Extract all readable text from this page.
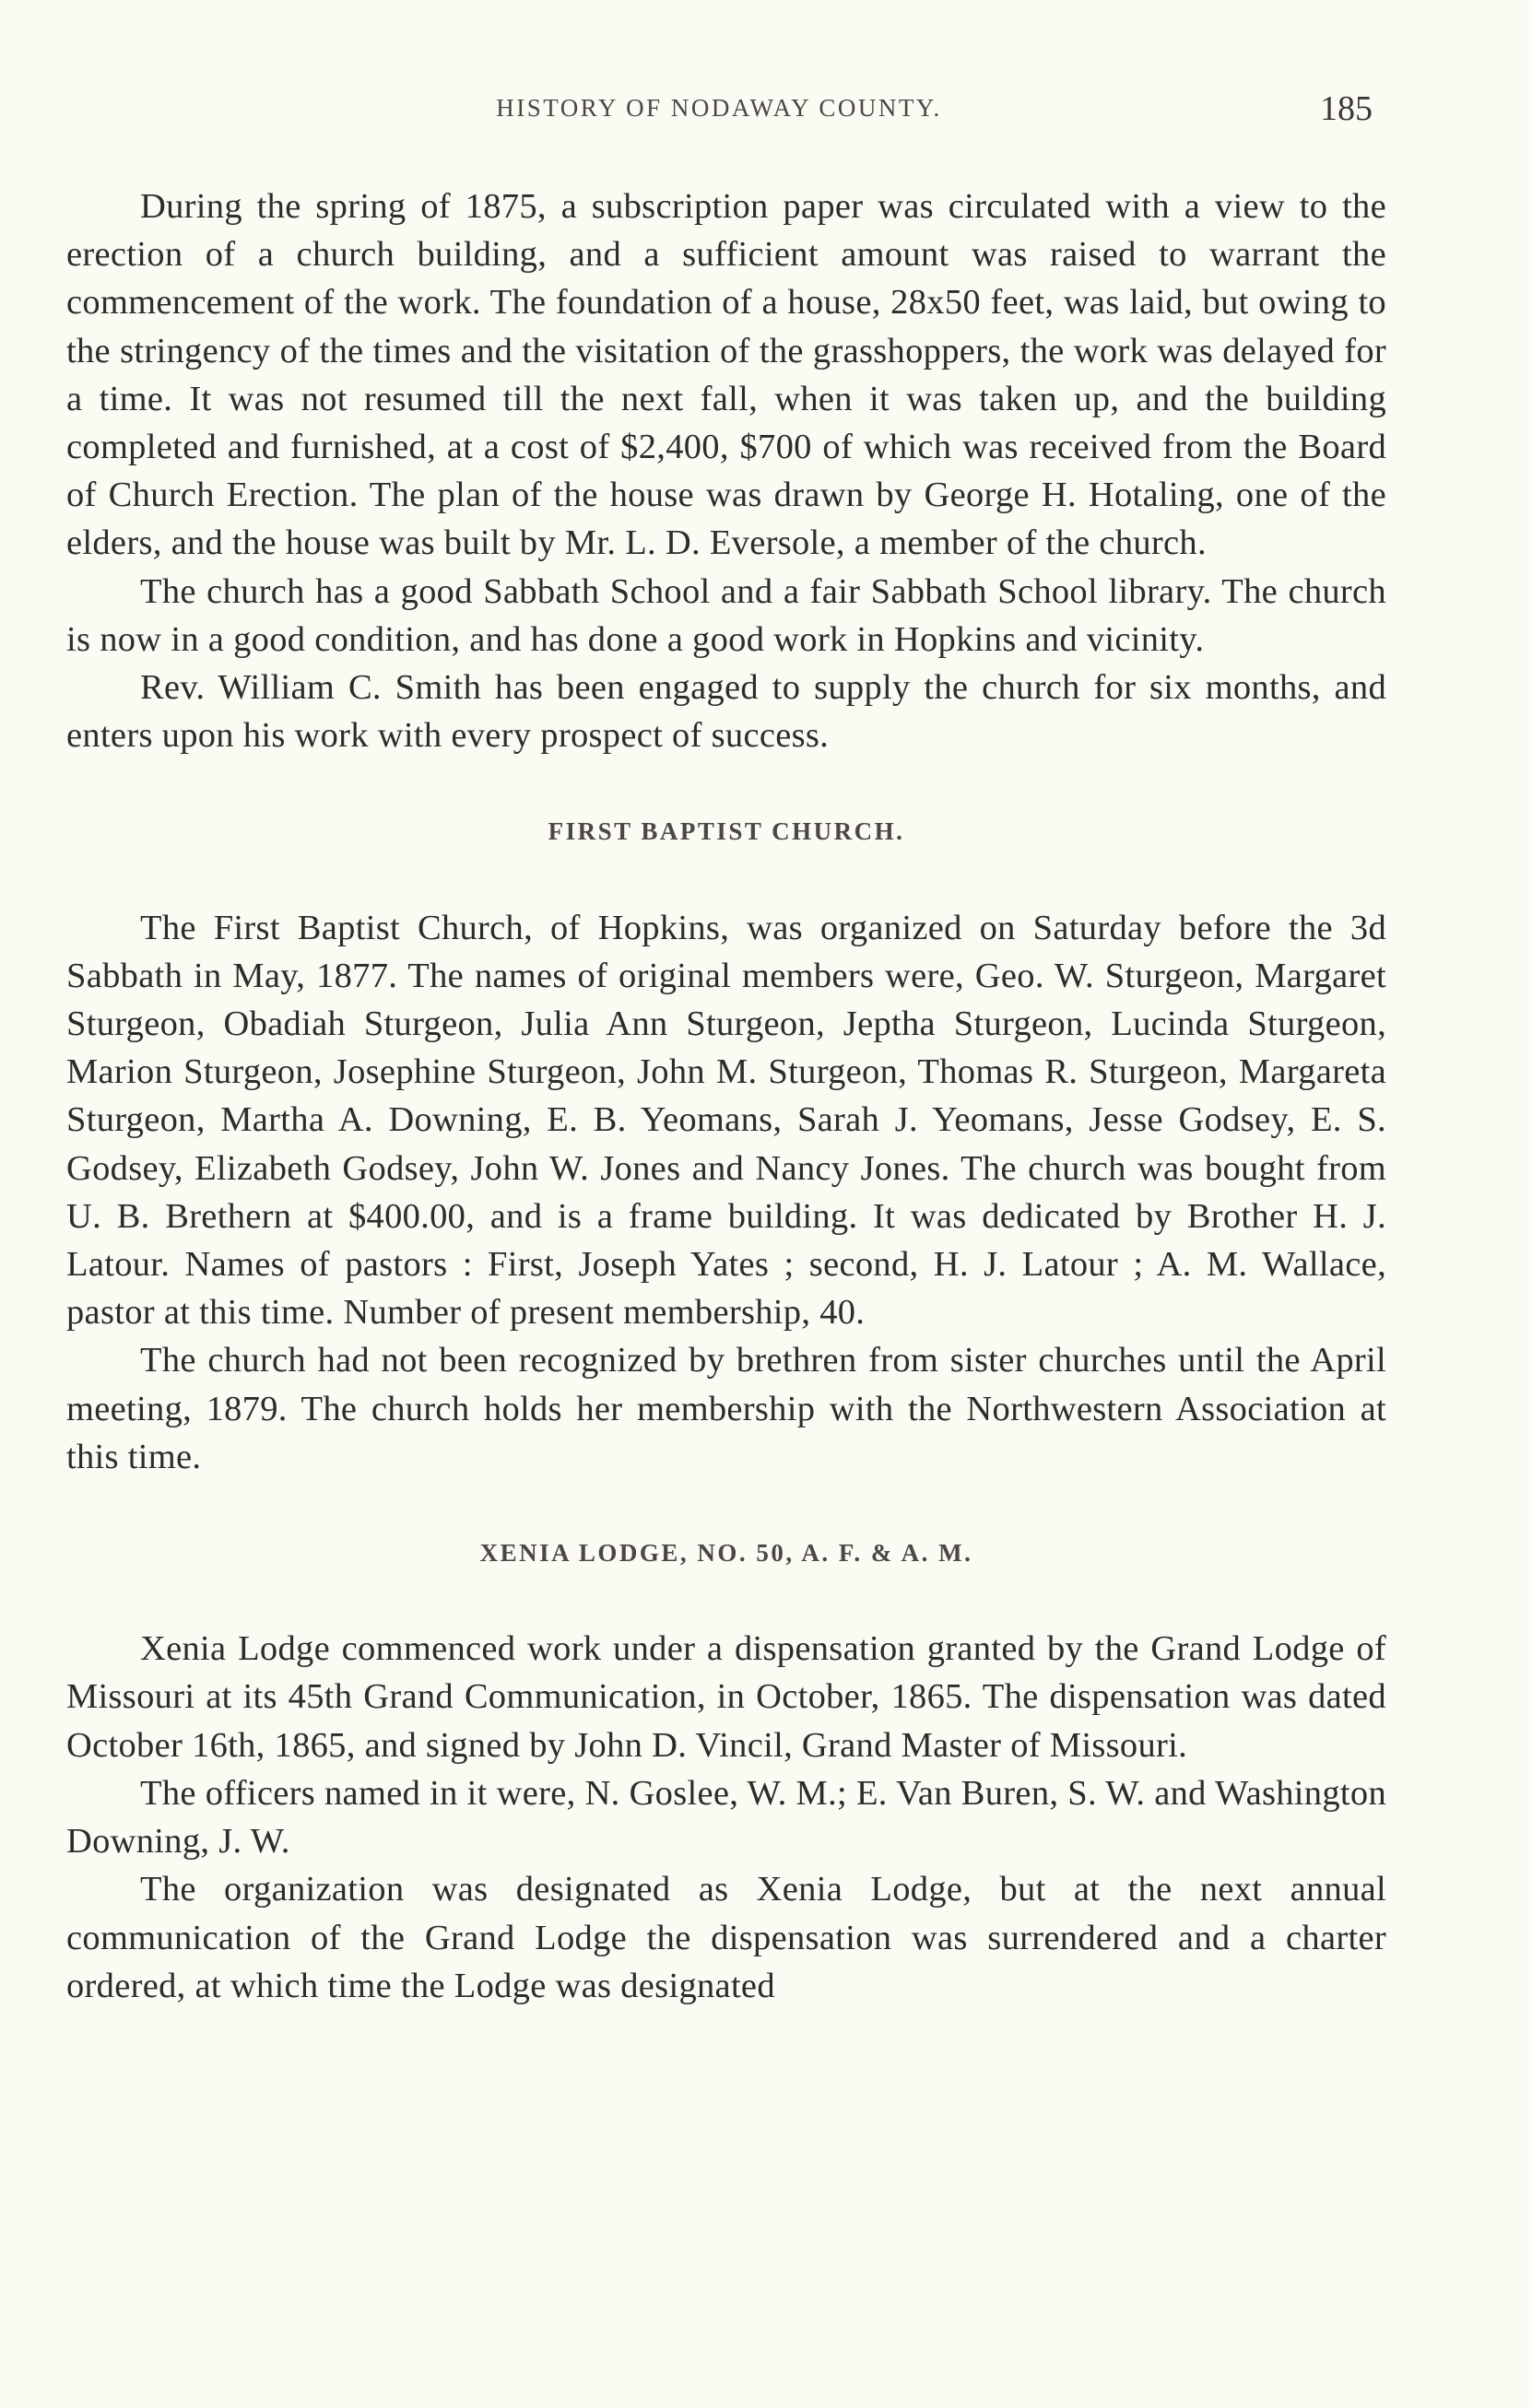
HISTORY OF NODAWAY COUNTY.	185

During the spring of 1875, a subscription paper was circulated with a view to the erection of a church building, and a sufficient amount was raised to warrant the commencement of the work. The foundation of a house, 28x50 feet, was laid, but owing to the stringency of the times and the visitation of the grasshoppers, the work was delayed for a time. It was not resumed till the next fall, when it was taken up, and the building completed and furnished, at a cost of $2,400, $700 of which was received from the Board of Church Erection. The plan of the house was drawn by George H. Hotaling, one of the elders, and the house was built by Mr. L. D. Eversole, a member of the church.

The church has a good Sabbath School and a fair Sabbath School library. The church is now in a good condition, and has done a good work in Hopkins and vicinity.

Rev. William C. Smith has been engaged to supply the church for six months, and enters upon his work with every prospect of success.

FIRST BAPTIST CHURCH.

The First Baptist Church, of Hopkins, was organized on Saturday before the 3d Sabbath in May, 1877. The names of original members were, Geo. W. Sturgeon, Margaret Sturgeon, Obadiah Sturgeon, Julia Ann Sturgeon, Jeptha Sturgeon, Lucinda Sturgeon, Marion Sturgeon, Josephine Sturgeon, John M. Sturgeon, Thomas R. Sturgeon, Margareta Sturgeon, Martha A. Downing, E. B. Yeomans, Sarah J. Yeomans, Jesse Godsey, E. S. Godsey, Elizabeth Godsey, John W. Jones and Nancy Jones. The church was bought from U. B. Brethern at $400.00, and is a frame building. It was dedicated by Brother H. J. Latour. Names of pastors : First, Joseph Yates ; second, H. J. Latour ; A. M. Wallace, pastor at this time. Number of present membership, 40.

The church had not been recognized by brethren from sister churches until the April meeting, 1879. The church holds her membership with the Northwestern Association at this time.

XENIA LODGE, NO. 50, A. F. & A. M.

Xenia Lodge commenced work under a dispensation granted by the Grand Lodge of Missouri at its 45th Grand Communication, in October, 1865. The dispensation was dated October 16th, 1865, and signed by John D. Vincil, Grand Master of Missouri.

The officers named in it were, N. Goslee, W. M.; E. Van Buren, S. W. and Washington Downing, J. W.

The organization was designated as Xenia Lodge, but at the next annual communication of the Grand Lodge the dispensation was surrendered and a charter ordered, at which time the Lodge was designated
